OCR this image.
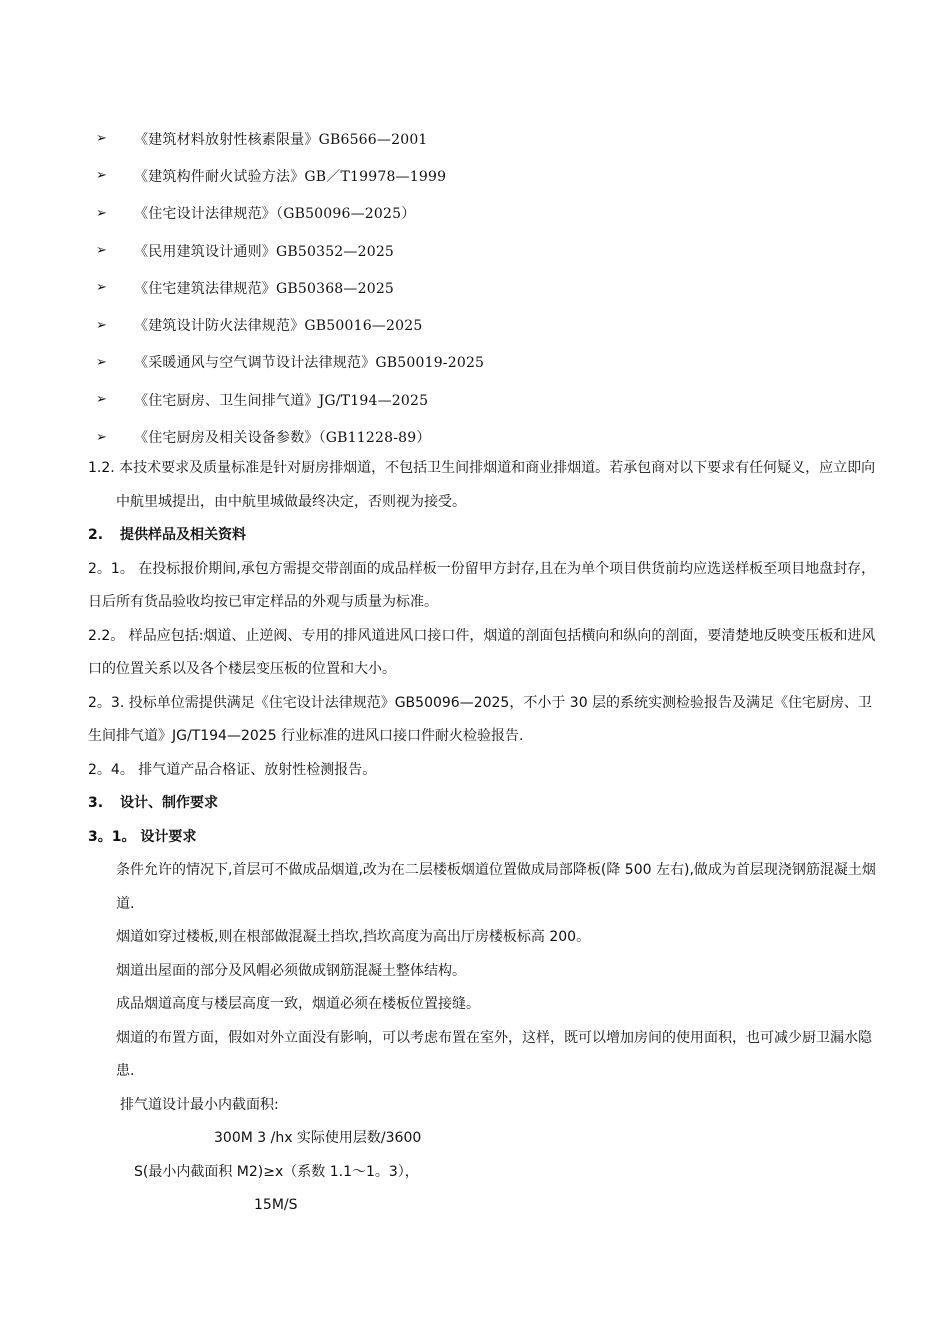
➢	《建筑材料放射性核素限量》GB6566—2001
➢	《建筑构件耐火试验方法》GB／T19978—1999
➢	《住宅设计法律规范》（GB50096—2025）
➢	《民用建筑设计通则》GB50352—2025
➢	《住宅建筑法律规范》GB50368—2025
➢	《建筑设计防火法律规范》GB50016—2025
➢	《采暖通风与空气调节设计法律规范》GB50019-2025
➢	《住宅厨房、卫生间排气道》JG/T194—2025
➢	《住宅厨房及相关设备参数》（GB11228-89）

1.2. 本技术要求及质量标准是针对厨房排烟道，不包括卫生间排烟道和商业排烟道。若承包商对以下要求有任何疑义，应立即向中航里城提出，由中航里城做最终决定，否则视为接受。

2. 提供样品及相关资料

2。1。 在投标报价期间,承包方需提交带剖面的成品样板一份留甲方封存,且在为单个项目供货前均应选送样板至项目地盘封存，日后所有货品验收均按已审定样品的外观与质量为标准。

2.2。 样品应包括:烟道、止逆阀、专用的排风道进风口接口件，烟道的剖面包括横向和纵向的剖面，要清楚地反映变压板和进风口的位置关系以及各个楼层变压板的位置和大小。

2。3. 投标单位需提供满足《住宅设计法律规范》GB50096—2025，不小于 30 层的系统实测检验报告及满足《住宅厨房、卫生间排气道》JG/T194—2025 行业标准的进风口接口件耐火检验报告.

2。4。 排气道产品合格证、放射性检测报告。

3. 设计、制作要求

3。1。 设计要求

条件允许的情况下,首层可不做成品烟道,改为在二层楼板烟道位置做成局部降板(降 500 左右),做成为首层现浇钢筋混凝土烟道.

烟道如穿过楼板,则在根部做混凝土挡坎,挡坎高度为高出厅房楼板标高 200。

烟道出屋面的部分及风帽必须做成钢筋混凝土整体结构。

成品烟道高度与楼层高度一致，烟道必须在楼板位置接缝。

烟道的布置方面，假如对外立面没有影响，可以考虑布置在室外，这样，既可以增加房间的使用面积，也可减少厨卫漏水隐患.

排气道设计最小内截面积:

300M 3 /hx 实际使用层数/3600

S(最小内截面积 M2)≥x（系数 1.1～1。3），

15M/S
